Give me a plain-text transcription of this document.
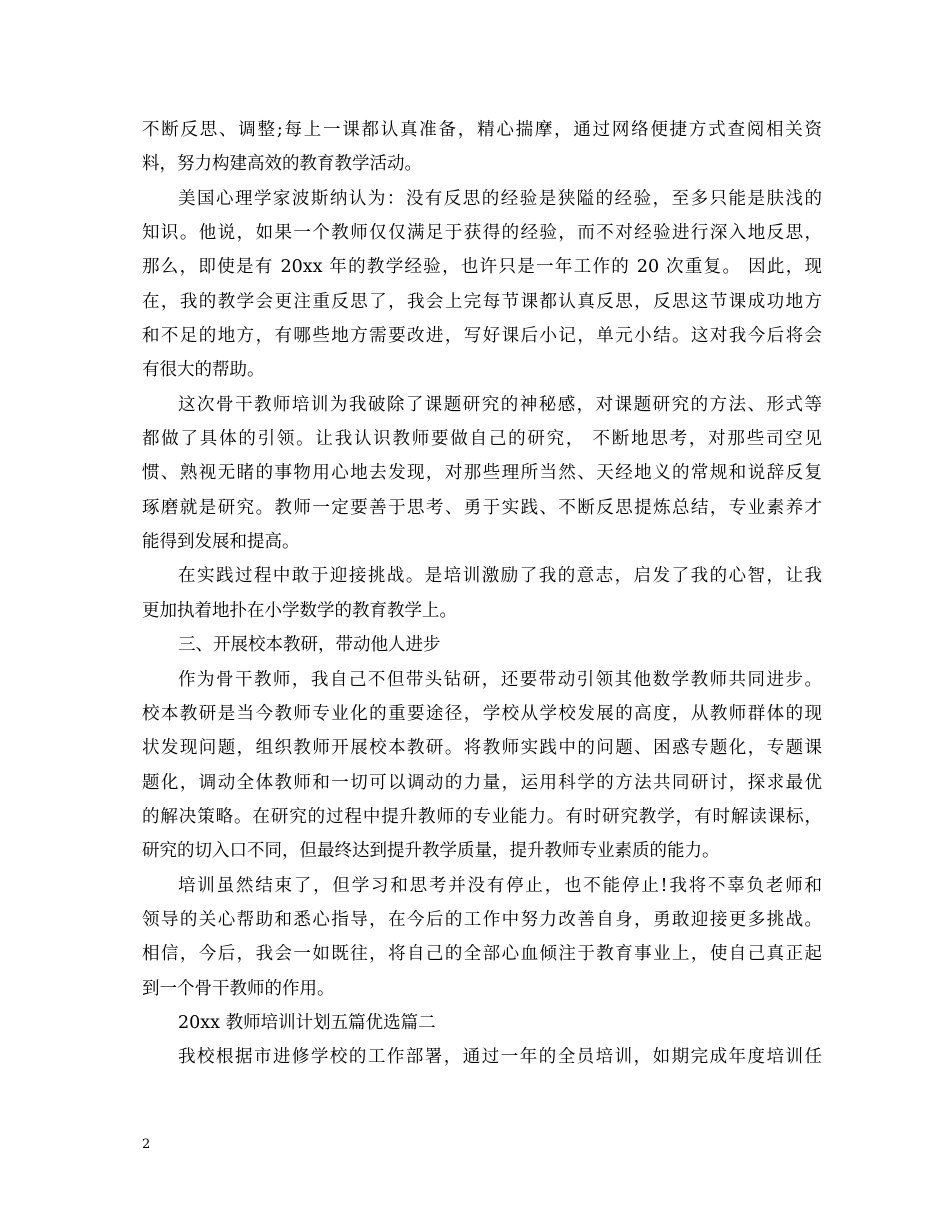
不断反思、调整;每上一课都认真准备，精心揣摩，通过网络便捷方式查阅相关资
料，努力构建高效的教育教学活动。
美国心理学家波斯纳认为：没有反思的经验是狭隘的经验，至多只能是肤浅的
知识。他说，如果一个教师仅仅满足于获得的经验，而不对经验进行深入地反思，
那么，即使是有 20xx 年的教学经验，也许只是一年工作的 20 次重复。 因此，现
在，我的教学会更注重反思了，我会上完每节课都认真反思，反思这节课成功地方
和不足的地方，有哪些地方需要改进，写好课后小记，单元小结。这对我今后将会
有很大的帮助。
这次骨干教师培训为我破除了课题研究的神秘感，对课题研究的方法、形式等
都做了具体的引领。让我认识教师要做自己的研究， 不断地思考，对那些司空见
惯、熟视无睹的事物用心地去发现，对那些理所当然、天经地义的常规和说辞反复
琢磨就是研究。教师一定要善于思考、勇于实践、不断反思提炼总结，专业素养才
能得到发展和提高。
在实践过程中敢于迎接挑战。是培训激励了我的意志，启发了我的心智，让我
更加执着地扑在小学数学的教育教学上。
三、开展校本教研，带动他人进步
作为骨干教师，我自己不但带头钻研，还要带动引领其他数学教师共同进步。
校本教研是当今教师专业化的重要途径，学校从学校发展的高度，从教师群体的现
状发现问题，组织教师开展校本教研。将教师实践中的问题、困惑专题化，专题课
题化，调动全体教师和一切可以调动的力量，运用科学的方法共同研讨，探求最优
的解决策略。在研究的过程中提升教师的专业能力。有时研究教学，有时解读课标，
研究的切入口不同，但最终达到提升教学质量，提升教师专业素质的能力。
培训虽然结束了，但学习和思考并没有停止，也不能停止!我将不辜负老师和
领导的关心帮助和悉心指导，在今后的工作中努力改善自身，勇敢迎接更多挑战。
相信，今后，我会一如既往，将自己的全部心血倾注于教育事业上，使自己真正起
到一个骨干教师的作用。
20xx 教师培训计划五篇优选篇二
我校根据市进修学校的工作部署，通过一年的全员培训，如期完成年度培训任
2
